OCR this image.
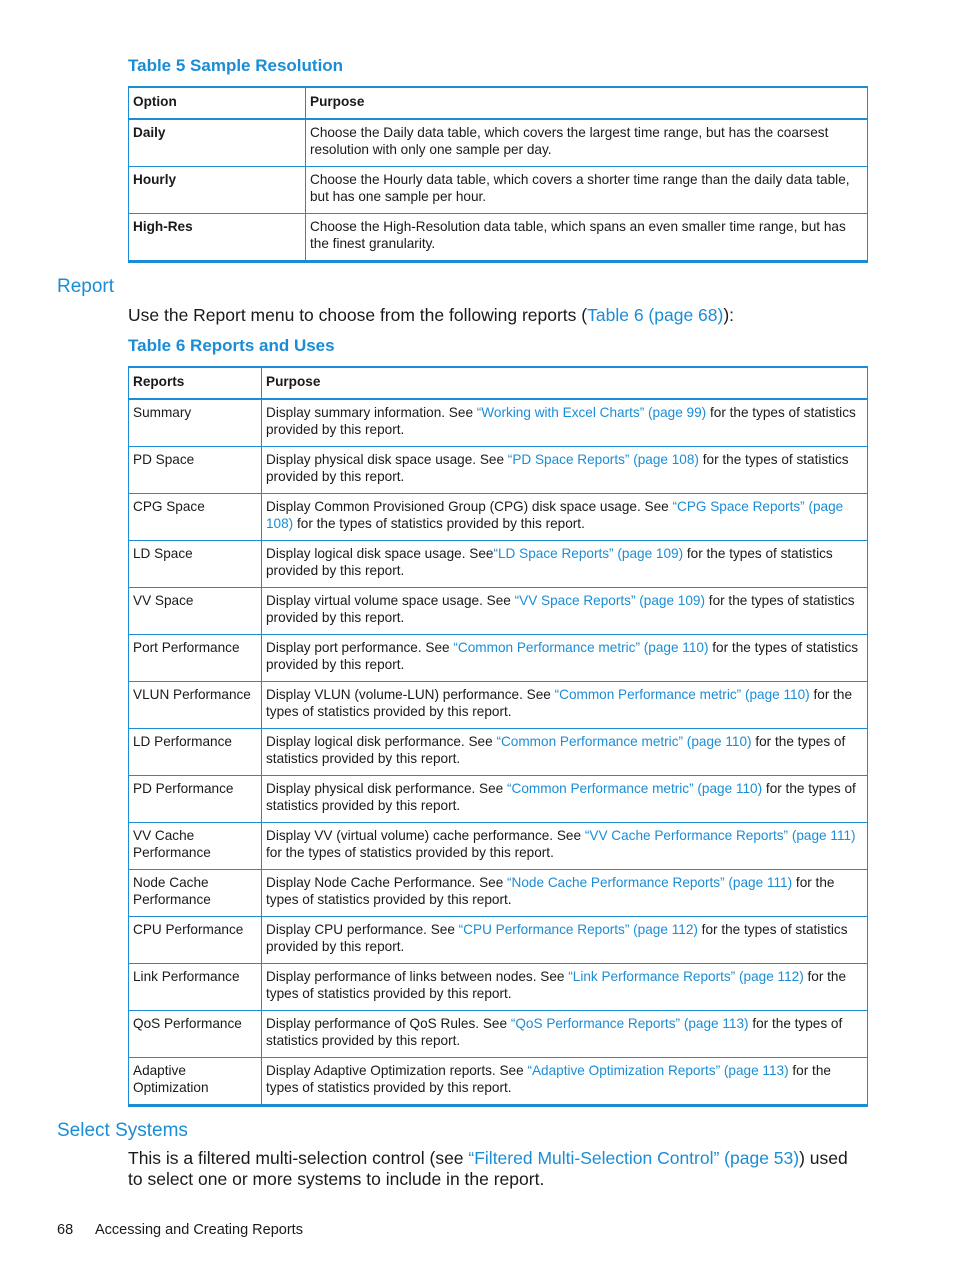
Table 5 Sample Resolution
Option	Purpose
Daily	Choose the Daily data table, which covers the largest time range, but has the coarsest resolution with only one sample per day.
Hourly	Choose the Hourly data table, which covers a shorter time range than the daily data table, but has one sample per hour.
High-Res	Choose the High-Resolution data table, which spans an even smaller time range, but has the finest granularity.
Report
Use the Report menu to choose from the following reports (Table 6 (page 68)):
Table 6 Reports and Uses
Reports	Purpose
Summary	Display summary information. See “Working with Excel Charts” (page 99) for the types of statistics provided by this report.
PD Space	Display physical disk space usage. See “PD Space Reports” (page 108) for the types of statistics provided by this report.
CPG Space	Display Common Provisioned Group (CPG) disk space usage. See “CPG Space Reports” (page 108) for the types of statistics provided by this report.
LD Space	Display logical disk space usage. See“LD Space Reports” (page 109) for the types of statistics provided by this report.
VV Space	Display virtual volume space usage. See “VV Space Reports” (page 109) for the types of statistics provided by this report.
Port Performance	Display port performance. See “Common Performance metric” (page 110) for the types of statistics provided by this report.
VLUN Performance	Display VLUN (volume-LUN) performance. See “Common Performance metric” (page 110) for the types of statistics provided by this report.
LD Performance	Display logical disk performance. See “Common Performance metric” (page 110) for the types of statistics provided by this report.
PD Performance	Display physical disk performance. See “Common Performance metric” (page 110) for the types of statistics provided by this report.
VV Cache Performance	Display VV (virtual volume) cache performance. See “VV Cache Performance Reports” (page 111) for the types of statistics provided by this report.
Node Cache Performance	Display Node Cache Performance. See “Node Cache Performance Reports” (page 111) for the types of statistics provided by this report.
CPU Performance	Display CPU performance. See “CPU Performance Reports” (page 112) for the types of statistics provided by this report.
Link Performance	Display performance of links between nodes. See “Link Performance Reports” (page 112) for the types of statistics provided by this report.
QoS Performance	Display performance of QoS Rules. See “QoS Performance Reports” (page 113) for the types of statistics provided by this report.
Adaptive Optimization	Display Adaptive Optimization reports. See “Adaptive Optimization Reports” (page 113) for the types of statistics provided by this report.
Select Systems
This is a filtered multi-selection control (see “Filtered Multi-Selection Control” (page 53)) used to select one or more systems to include in the report.
68 Accessing and Creating Reports
